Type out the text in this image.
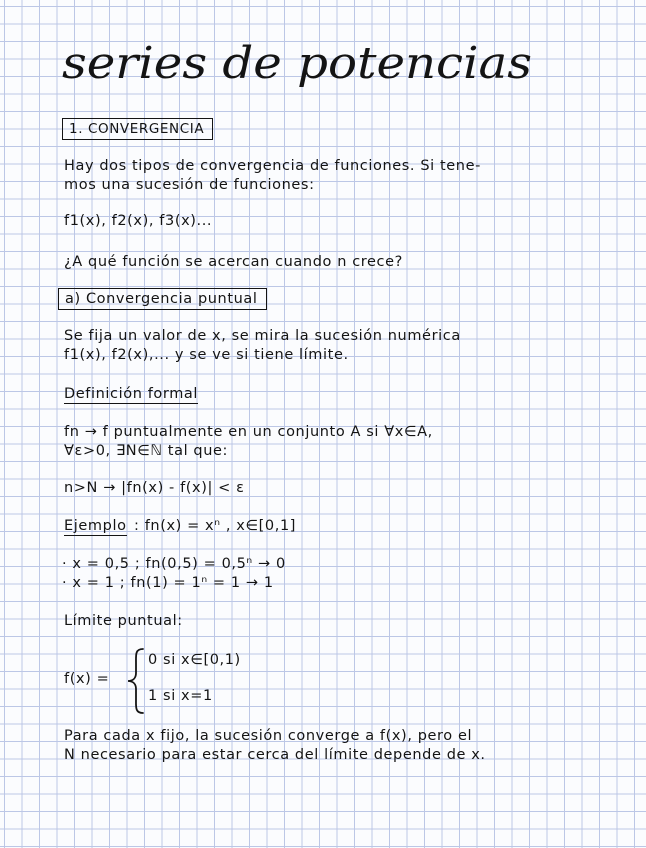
series de potencias
1. CONVERGENCIA
Hay dos tipos de convergencia de funciones. Si tene-
mos una sucesión de funciones:
f1(x), f2(x), f3(x)...
¿A qué función se acercan cuando n crece?
a) Convergencia puntual
Se fija un valor de x, se mira la sucesión numérica
f1(x), f2(x),... y se ve si tiene límite.
Definición formal
fn → f puntualmente en un conjunto A si ∀x∈A,
∀ε>0, ∃N∈ℕ tal que:
n>N → |fn(x) - f(x)| < ε
Ejemplo : fn(x) = xⁿ , x∈[0,1]
· x = 0,5 ; fn(0,5) = 0,5ⁿ → 0
· x = 1 ; fn(1) = 1ⁿ = 1 → 1
Límite puntual:
f(x) =
0 si x∈[0,1)
1 si x=1
Para cada x fijo, la sucesión converge a f(x), pero el
N necesario para estar cerca del límite depende de x.
